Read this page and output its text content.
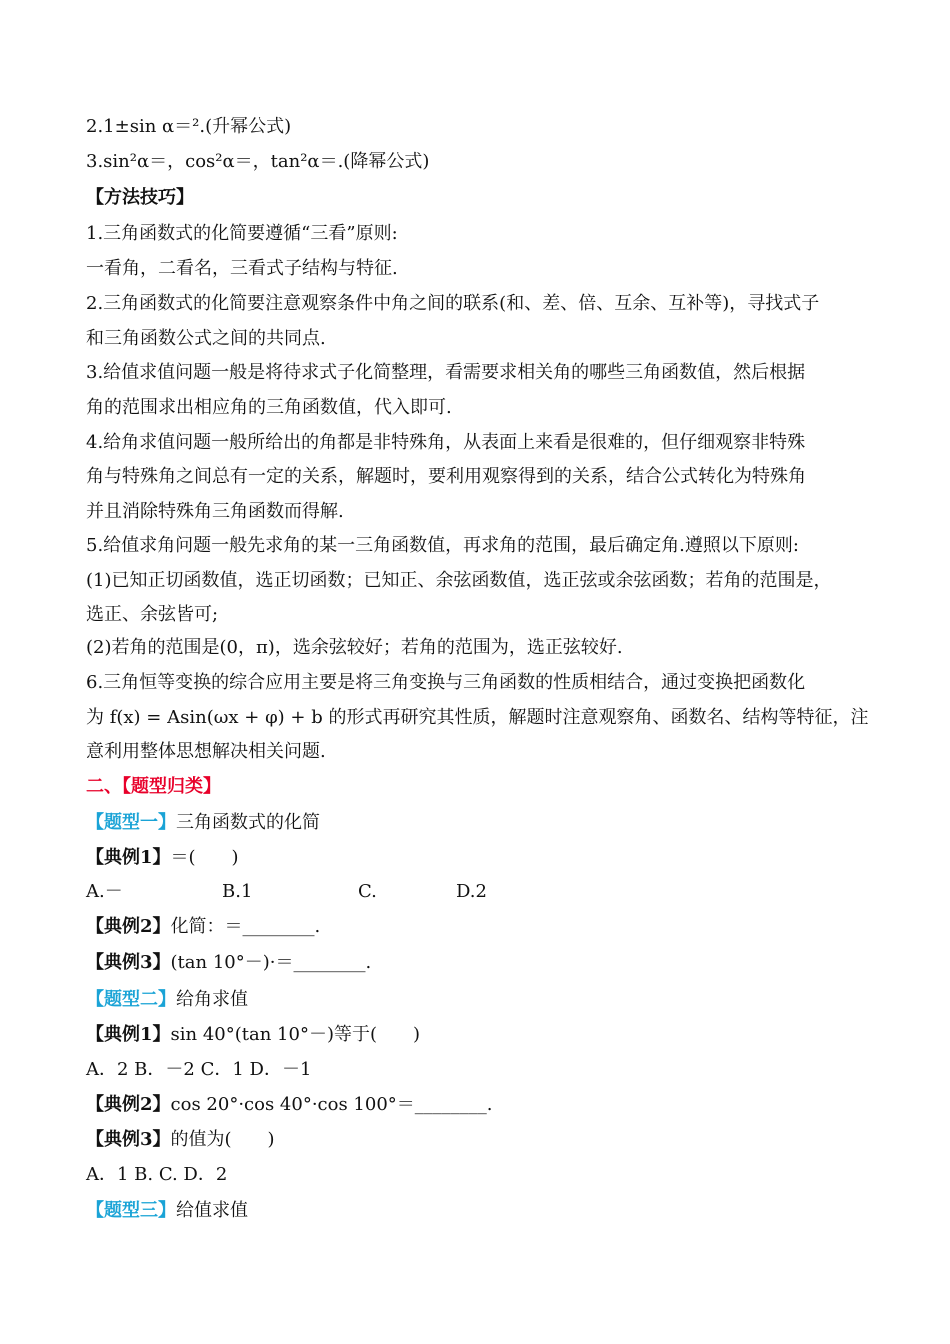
2.1±sin α＝².(升幂公式)
3.sin²α＝，cos²α＝，tan²α＝.(降幂公式)
【方法技巧】
1.三角函数式的化简要遵循“三看”原则:
一看角，二看名，三看式子结构与特征.
2.三角函数式的化简要注意观察条件中角之间的联系(和、差、倍、互余、互补等)，寻找式子
和三角函数公式之间的共同点.
3.给值求值问题一般是将待求式子化简整理，看需要求相关角的哪些三角函数值，然后根据
角的范围求出相应角的三角函数值，代入即可.
4.给角求值问题一般所给出的角都是非特殊角，从表面上来看是很难的，但仔细观察非特殊
角与特殊角之间总有一定的关系，解题时，要利用观察得到的关系，结合公式转化为特殊角
并且消除特殊角三角函数而得解.
5.给值求角问题一般先求角的某一三角函数值，再求角的范围，最后确定角.遵照以下原则:
(1)已知正切函数值，选正切函数；已知正、余弦函数值，选正弦或余弦函数；若角的范围是，
选正、余弦皆可;
(2)若角的范围是(0，π)，选余弦较好；若角的范围为，选正弦较好.
6.三角恒等变换的综合应用主要是将三角变换与三角函数的性质相结合，通过变换把函数化
为 f(x) = Asin(ωx + φ) + b 的形式再研究其性质，解题时注意观察角、函数名、结构等特征，注
意利用整体思想解决相关问题.
二、【题型归类】
【题型一】三角函数式的化简
【典例1】＝(　　)
A.－	B.1	C.	D.2
【典例2】化简：＝________.
【典例3】(tan 10°－)·＝________.
【题型二】给角求值
【典例1】sin 40°(tan 10°－)等于(　　)
A．2 B．－2 C．1 D．－1
【典例2】cos 20°·cos 40°·cos 100°＝________.
【典例3】的值为(　　)
A．1 B. C. D．2
【题型三】给值求值
